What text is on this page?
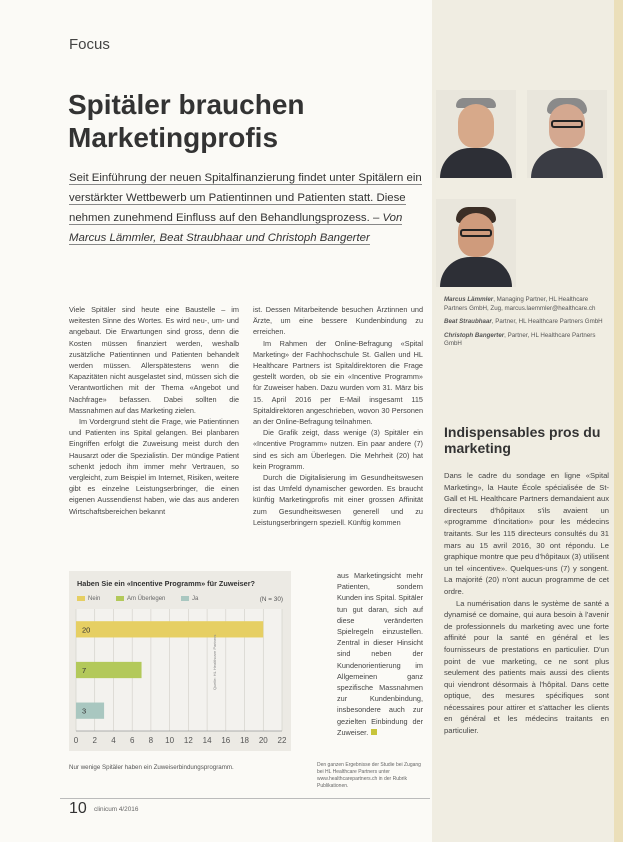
Focus
Spitäler brauchen Marketingprofis
Seit Einführung der neuen Spitalfinanzierung findet unter Spitälern ein verstärkter Wettbewerb um Patientinnen und Patienten statt. Diese nehmen zunehmend Einfluss auf den Behandlungsprozess. – Von Marcus Lämmler, Beat Straubhaar und Christoph Bangerter

Marcus Lämmler, Managing Partner, HL Healthcare Partners GmbH, Zug, marcus.laemmler@healthcare.ch

Beat Straubhaar, Partner, HL Healthcare Partners GmbH

Christoph Bangerter, Partner, HL Healthcare Partners GmbH

Indispensables pros du marketing

Dans le cadre du sondage en ligne «Spital Marketing», la Haute École spécialisée de St-Gall et HL Healthcare Partners demandaient aux directeurs d'hôpitaux s'ils avaient un «programme d'incitation» pour les médecins traitants. Sur les 115 directeurs consultés du 31 mars au 15 avril 2016, 30 ont répondu. Le graphique montre que peu d'hôpitaux (3) utilisent un tel «incentive». Quelques-uns (7) y songent. La majorité (20) n'ont aucun programme de cet ordre.

La numérisation dans le système de santé a dynamisé ce domaine, qui aura besoin à l'avenir de professionnels du marketing avec une forte affinité pour la santé en général et les fournisseurs de prestations en particulier. D'un point de vue marketing, ce ne sont plus seulement des patients mais aussi des clients qui viendront désormais à l'hôpital. Dans cette optique, des mesures spécifiques sont nécessaires pour attirer et s'attacher les clients en général et les médecins traitants en particulier.

Viele Spitäler sind heute eine Baustelle – im weitesten Sinne des Wortes. Es wird neu-, um- und angebaut. Die Erwartungen sind gross, denn die Kosten müssen finanziert werden, weshalb zusätzliche Patientinnen und Patienten behandelt werden müssen. Allerspätestens wenn die Kapazitäten nicht ausgelastet sind, müssen sich die Verantwortlichen mit der Thema «Angebot und Nachfrage» befassen. Dabei sollten die Massnahmen auf das Marketing zielen.

Im Vordergrund steht die Frage, wie Patientinnen und Patienten ins Spital gelangen. Bei planbaren Eingriffen erfolgt die Zuweisung meist durch den Hausarzt oder die Spezialistin. Der mündige Patient schenkt jedoch ihm immer mehr Vertrauen, so vergleicht, zum Beispiel im Internet, Risiken, weitere gibt es einzelne Leistungserbringer, die einen eigenen Aussendienst haben, wie das aus anderen Wirtschaftsbereichen bekannt

ist. Dessen Mitarbeitende besuchen Ärztinnen und Ärzte, um eine bessere Kundenbindung zu erreichen.

Im Rahmen der Online-Befragung «Spital Marketing» der Fachhochschule St. Gallen und HL Healthcare Partners ist Spitaldirektoren die Frage gestellt worden, ob sie ein «Incentive Programm» für Zuweiser haben. Dazu wurden vom 31. März bis 15. April 2016 per E-Mail insgesamt 115 Spitaldirektoren angeschrieben, wovon 30 Personen an der Online-Befragung teilnahmen.

Die Grafik zeigt, dass wenige (3) Spitäler ein «Incentive Programm» nutzen. Ein paar andere (7) sind es sich am Überlegen. Die Mehrheit (20) hat kein Programm.

Durch die Digitalisierung im Gesundheitswesen ist das Umfeld dynamischer geworden. Es braucht künftig Marketingprofis mit einer grossen Affinität zum Gesundheitswesen generell und zu Leistungserbringern speziell. Künftig kommen

aus Marketingsicht mehr Patienten, sondern Kunden ins Spital. Spitäler tun gut daran, sich auf diese veränderten Spielregeln einzustellen. Zentral in dieser Hinsicht sind neben der Kundenorientierung im Allgemeinen ganz spezifische Massnahmen zur Kundenbindung, insbesondere auch zur gezielten Einbindung der Zuweiser.

0 2 4 6 8 10 12 14 16 18 20 22
20
7
3
Haben Sie ein «Incentive Programm» für Zuweiser?
Nein	Am Überlegen	Ja	(N = 30)
Quelle: HL Healthcare Partners
Nur wenige Spitäler haben ein Zuweiserbindungsprogramm.	Den ganzen Ergebnisse der Studie bei Zugang bei HL Healthcare Partners unter www.healthcarepartners.ch in der Rubrik Publikationen.
10 clinicum 4/2016
